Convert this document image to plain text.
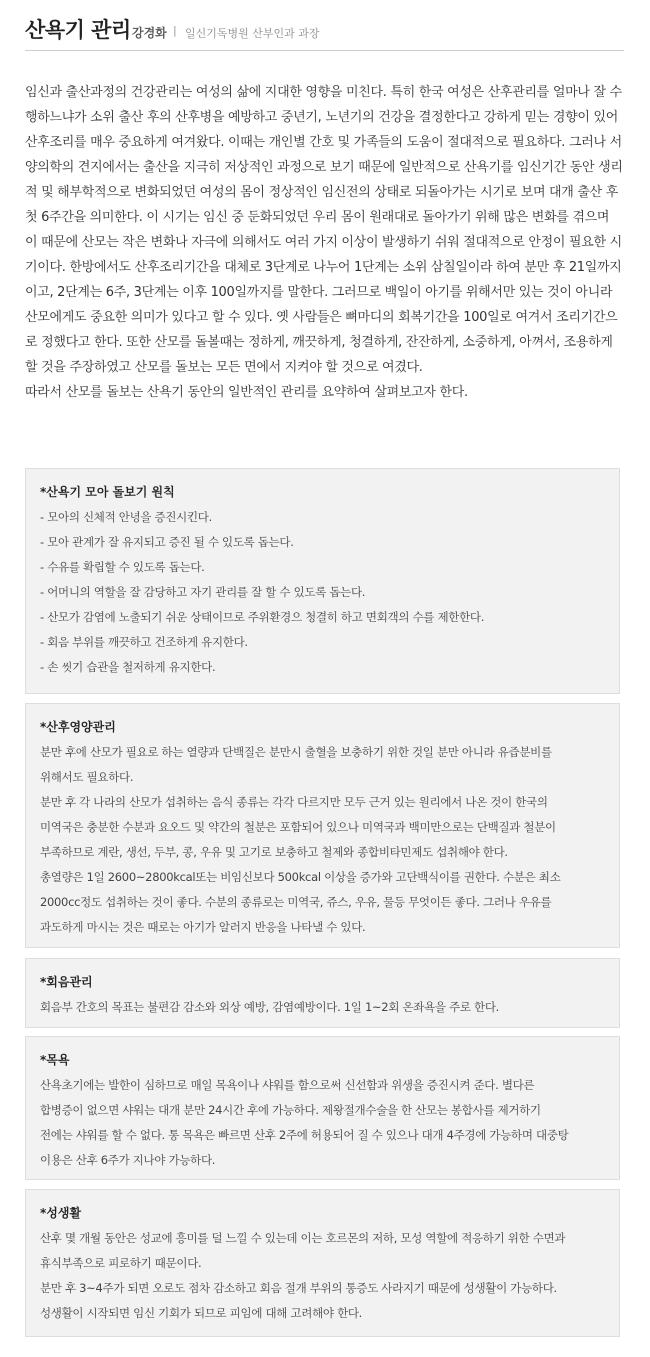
산욕기 관리 강경화 | 일신기독병원 산부인과 과장

임신과 출산과정의 건강관리는 여성의 삶에 지대한 영향을 미친다. 특히 한국 여성은 산후관리를 얼마나 잘 수행하느냐가 소위 출산 후의 산후병을 예방하고 중년기, 노년기의 건강을 결정한다고 강하게 믿는 경향이 있어 산후조리를 매우 중요하게 여겨왔다. 이때는 개인별 간호 및 가족들의 도움이 절대적으로 필요하다. 그러나 서양의학의 견지에서는 출산을 지극히 저상적인 과정으로 보기 때문에 일반적으로 산욕기를 임신기간 동안 생리적 및 해부학적으로 변화되었던 여성의 몸이 정상적인 임신전의 상태로 되돌아가는 시기로 보며 대개 출산 후 첫 6주간을 의미한다. 이 시기는 임신 중 둔화되었던 우리 몸이 원래대로 돌아가기 위해 많은 변화를 겪으며 이 때문에 산모는 작은 변화나 자극에 의해서도 여러 가지 이상이 발생하기 쉬워 절대적으로 안정이 필요한 시기이다. 한방에서도 산후조리기간을 대체로 3단계로 나누어 1단계는 소위 삼칠일이라 하여 분만 후 21일까지이고, 2단계는 6주, 3단계는 이후 100일까지를 말한다. 그러므로 백일이 아기를 위해서만 있는 것이 아니라 산모에게도 중요한 의미가 있다고 할 수 있다. 옛 사람들은 뼈마디의 회복기간을 100일로 여겨서 조리기간으로 정했다고 한다. 또한 산모를 돌볼때는 정하게, 깨끗하게, 청결하게, 잔잔하게, 소중하게, 아껴서, 조용하게 할 것을 주장하였고 산모를 돌보는 모든 면에서 지켜야 할 것으로 여겼다.

따라서 산모를 돌보는 산욕기 동안의 일반적인 관리를 요약하여 살펴보고자 한다.

*산욕기 모아 돌보기 원칙

- 모아의 신체적 안녕을 증진시킨다.

- 모아 관계가 잘 유지되고 증진 될 수 있도록 돕는다.

- 수유를 확립할 수 있도록 돕는다.

- 어머니의 역할을 잘 감당하고 자기 관리를 잘 할 수 있도록 돕는다.

- 산모가 감염에 노출되기 쉬운 상태이므로 주위환경으 청결히 하고 면회객의 수를 제한한다.

- 회음 부위를 깨끗하고 건조하게 유지한다.

- 손 씻기 습관을 철저하게 유지한다.

*산후영양관리

분만 후에 산모가 필요로 하는 열량과 단백질은 분만시 출혈을 보충하기 위한 것일 분만 아니라 유즙분비를

위해서도 필요하다.

분만 후 각 나라의 산모가 섭취하는 음식 종류는 각각 다르지만 모두 근거 있는 원리에서 나온 것이 한국의

미역국은 충분한 수분과 요오드 및 약간의 철분은 포함되어 있으나 미역국과 백미만으로는 단백질과 철분이

부족하므로 계란, 생선, 두부, 콩, 우유 및 고기로 보충하고 철제와 종합비타민제도 섭취해야 한다.

총열량은 1일 2600~2800kcal또는 비임신보다 500kcal 이상을 증가와 고단백식이를 권한다. 수분은 최소

2000cc정도 섭취하는 것이 좋다. 수분의 종류로는 미역국, 쥬스, 우유, 물등 무엇이든 좋다. 그러나 우유를

과도하게 마시는 것은 때로는 아기가 알러지 반응을 나타낼 수 있다.

*회음관리

회음부 간호의 목표는 불편감 감소와 외상 예방, 감염예방이다. 1일 1~2회 온좌욕을 주로 한다.

*목욕

산욕초기에는 발한이 심하므로 매일 목욕이나 샤워를 함으로써 신선함과 위생을 증진시켜 준다. 별다른

합병증이 없으면 샤워는 대개 분만 24시간 후에 가능하다. 제왕절개수술을 한 산모는 봉합사를 제거하기

전에는 샤워를 할 수 없다. 통 목욕은 빠르면 산후 2주에 허용되어 질 수 있으나 대개 4주경에 가능하며 대중탕

이용은 산후 6주가 지나야 가능하다.

*성생활

산후 몇 개월 동안은 성교에 흥미를 덜 느낄 수 있는데 이는 호르몬의 저하, 모성 역할에 적응하기 위한 수면과

휴식부족으로 피로하기 때문이다.

분만 후 3~4주가 되면 오로도 점차 감소하고 회음 절개 부위의 통증도 사라지기 때문에 성생활이 가능하다.

성생활이 시작되면 임신 기회가 되므로 피임에 대해 고려해야 한다.
